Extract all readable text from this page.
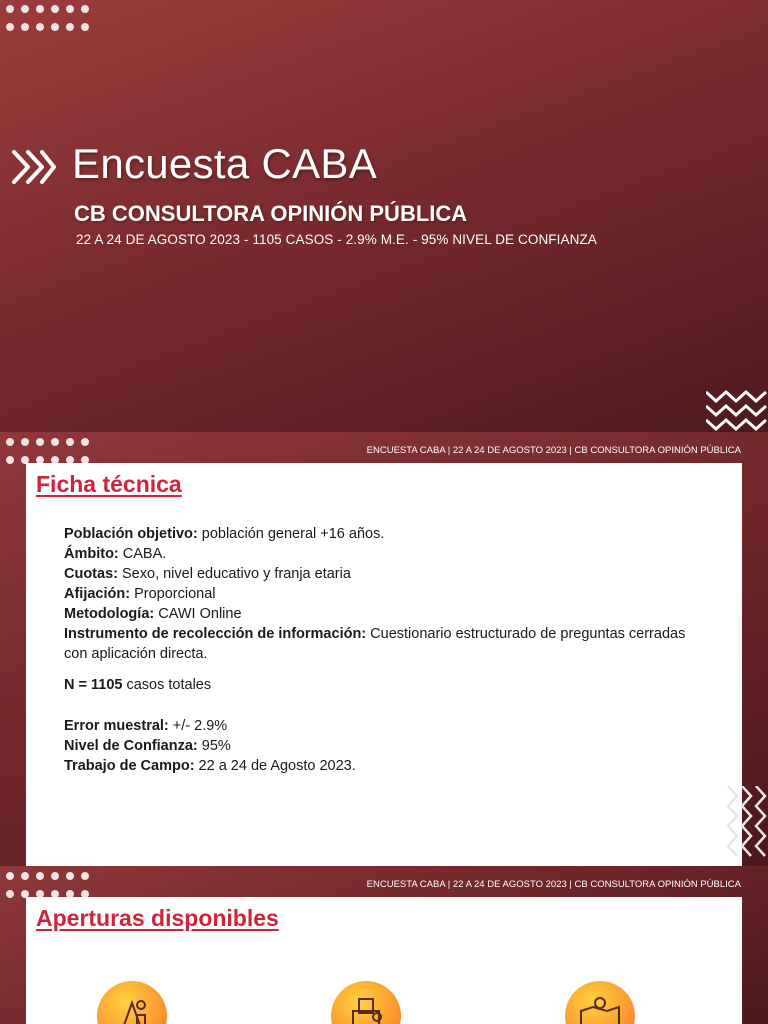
Encuesta CABA
CB CONSULTORA OPINIÓN PÚBLICA
22 A 24 DE AGOSTO 2023 - 1105 CASOS - 2.9% M.E. - 95% NIVEL DE CONFIANZA
ENCUESTA CABA | 22 A 24 DE AGOSTO 2023 | CB CONSULTORA OPINIÓN PÚBLICA
Ficha técnica

Población objetivo: población general +16 años.

Ámbito: CABA.

Cuotas: Sexo, nivel educativo y franja etaria

Afijación: Proporcional

Metodología: CAWI Online

Instrumento de recolección de información: Cuestionario estructurado de preguntas cerradas con aplicación directa.

N = 1105 casos totales

Error muestral: +/- 2.9%

Nivel de Confianza: 95%

Trabajo de Campo: 22 a 24 de Agosto 2023.

ENCUESTA CABA | 22 A 24 DE AGOSTO 2023 | CB CONSULTORA OPINIÓN PÚBLICA
Aperturas disponibles
